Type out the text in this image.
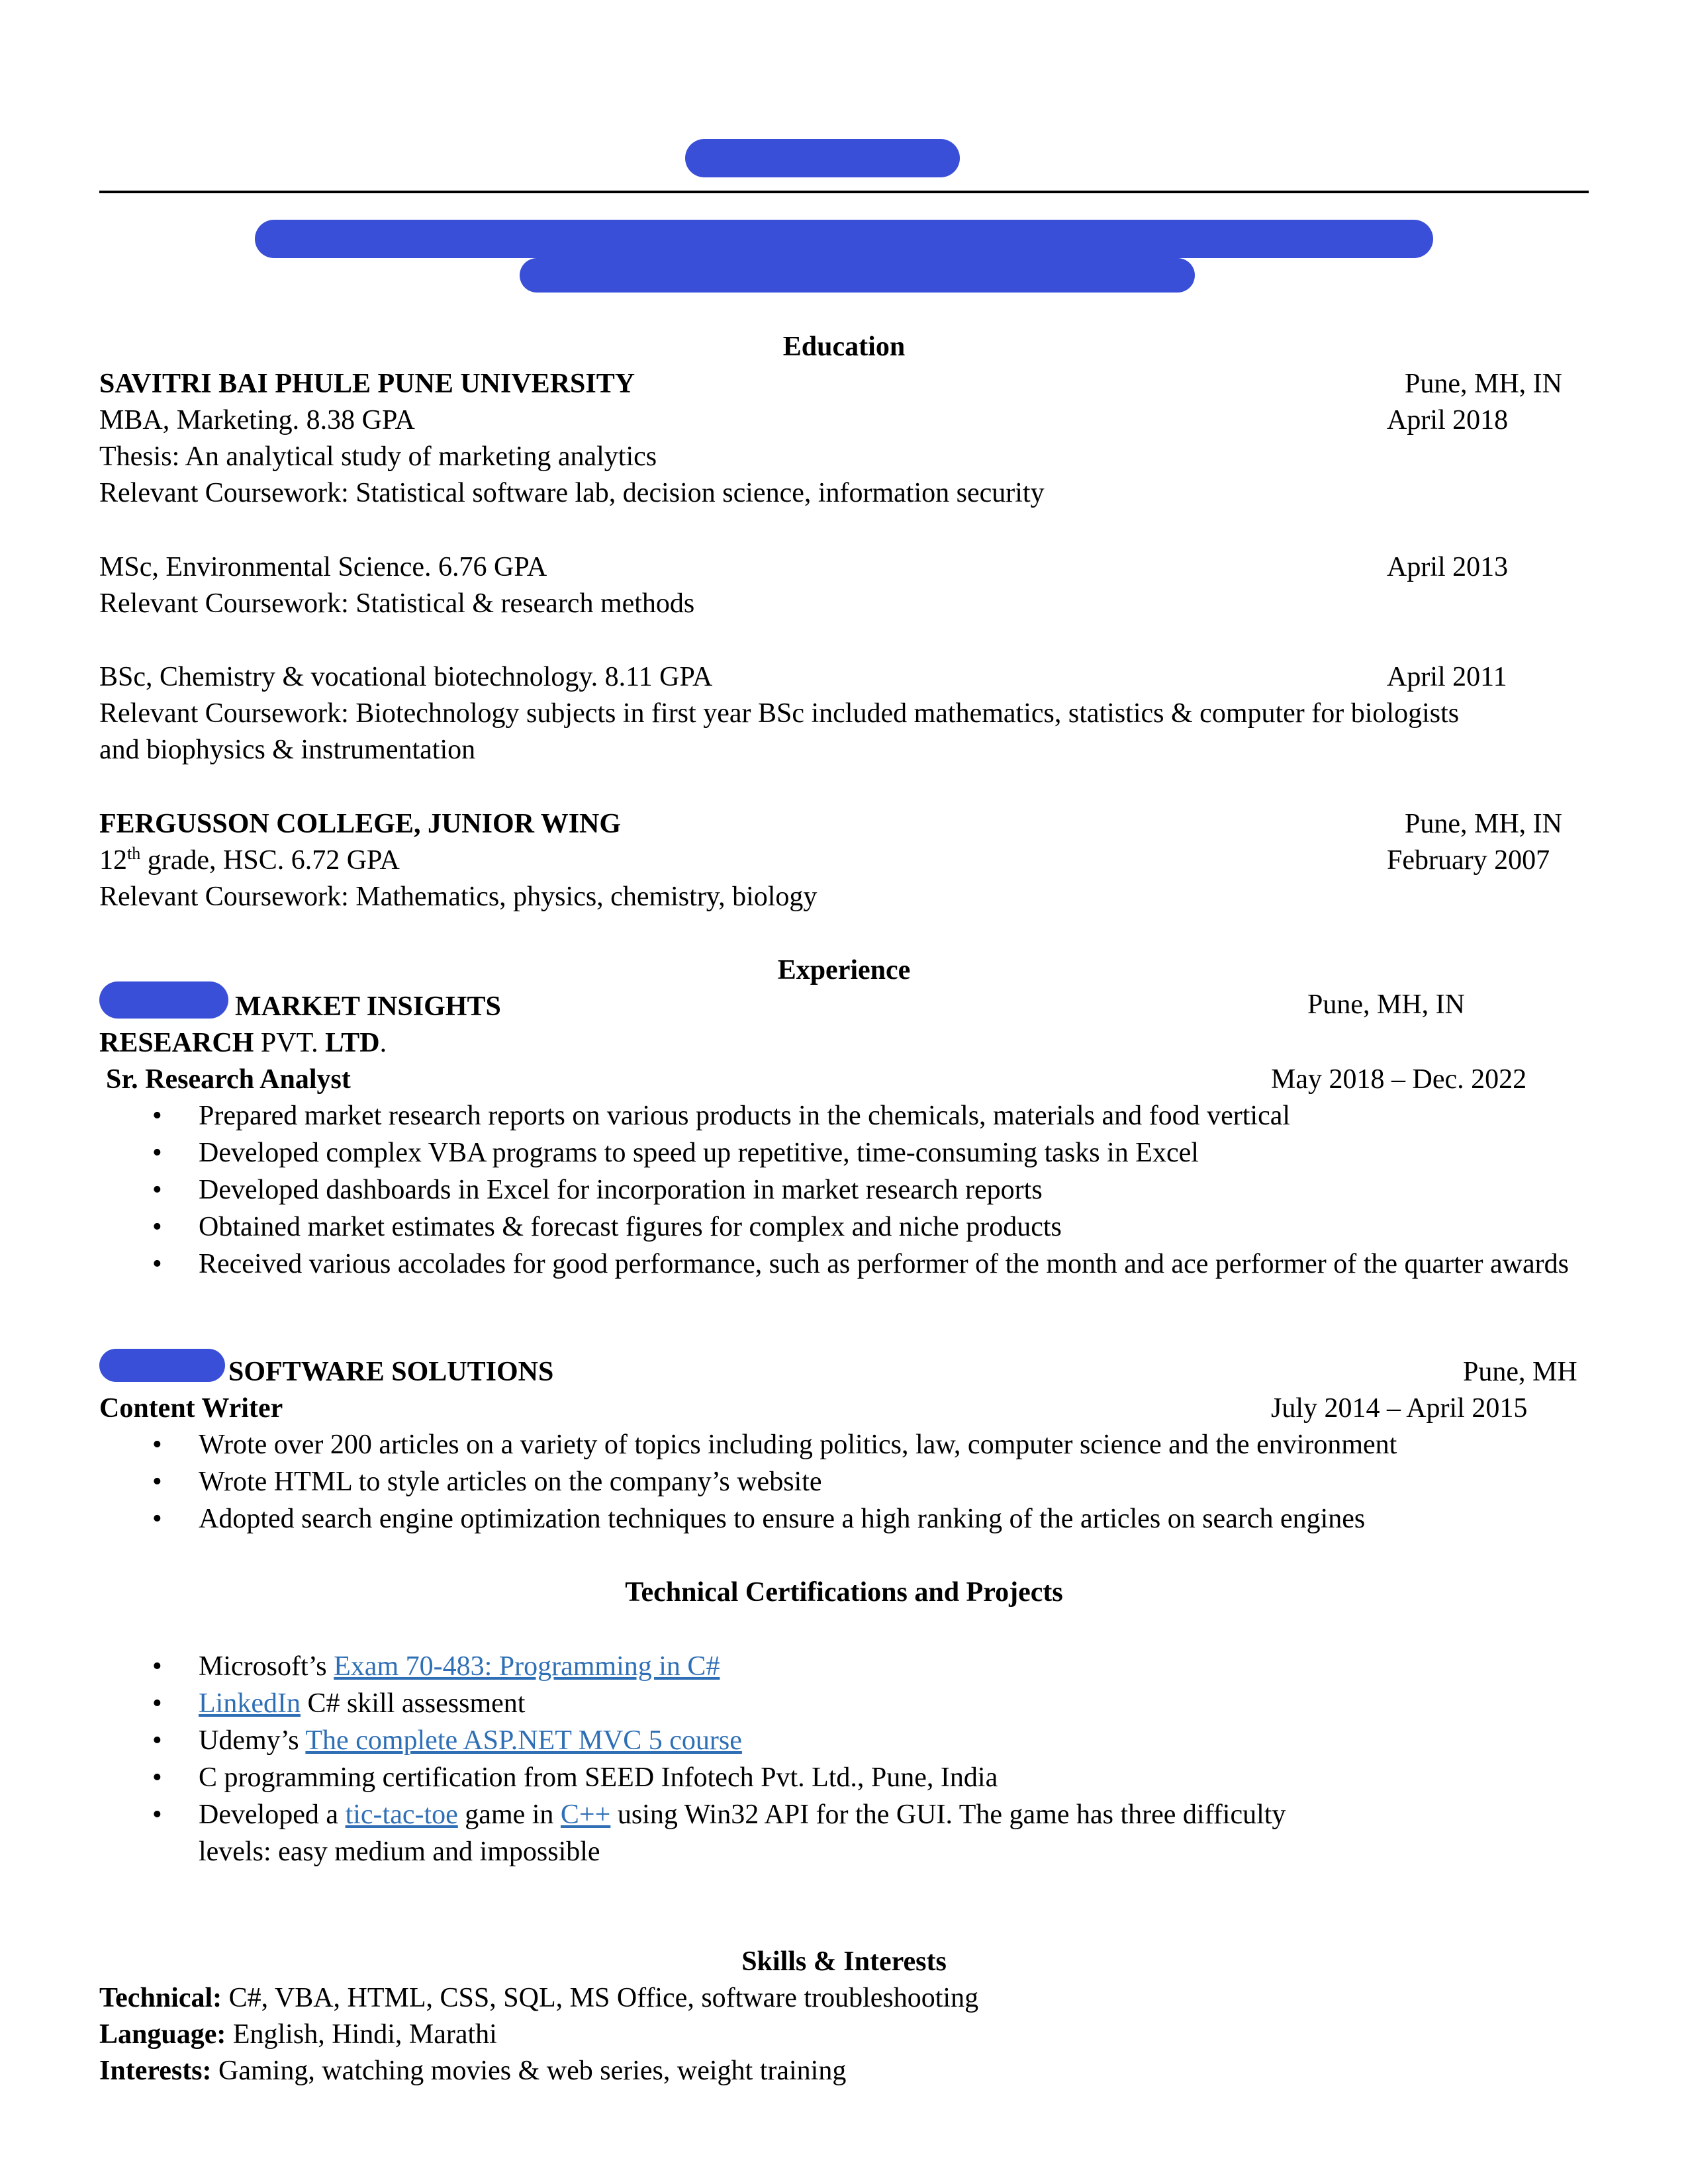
Education
SAVITRI BAI PHULE PUNE UNIVERSITY	Pune, MH, IN
MBA, Marketing. 8.38 GPA	April 2018
Thesis: An analytical study of marketing analytics
Relevant Coursework: Statistical software lab, decision science, information security
MSc, Environmental Science. 6.76 GPA	April 2013
Relevant Coursework: Statistical & research methods
BSc, Chemistry & vocational biotechnology. 8.11 GPA	April 2011
Relevant Coursework: Biotechnology subjects in first year BSc included mathematics, statistics & computer for biologists
and biophysics & instrumentation
FERGUSSON COLLEGE, JUNIOR WING	Pune, MH, IN
12th grade, HSC. 6.72 GPA	February 2007
Relevant Coursework: Mathematics, physics, chemistry, biology
Experience
MARKET INSIGHTS	Pune, MH, IN
RESEARCH PVT. LTD.
Sr. Research Analyst	May 2018 – Dec. 2022
• Prepared market research reports on various products in the chemicals, materials and food vertical
• Developed complex VBA programs to speed up repetitive, time-consuming tasks in Excel
• Developed dashboards in Excel for incorporation in market research reports
• Obtained market estimates & forecast figures for complex and niche products
• Received various accolades for good performance, such as performer of the month and ace performer of the quarter awards
SOFTWARE SOLUTIONS	Pune, MH
Content Writer	July 2014 – April 2015
• Wrote over 200 articles on a variety of topics including politics, law, computer science and the environment
• Wrote HTML to style articles on the company’s website
• Adopted search engine optimization techniques to ensure a high ranking of the articles on search engines
Technical Certifications and Projects
• Microsoft’s Exam 70-483: Programming in C#
• LinkedIn C# skill assessment
• Udemy’s The complete ASP.NET MVC 5 course
• C programming certification from SEED Infotech Pvt. Ltd., Pune, India
• Developed a tic-tac-toe game in C++ using Win32 API for the GUI. The game has three difficulty
levels: easy medium and impossible
Skills & Interests
Technical: C#, VBA, HTML, CSS, SQL, MS Office, software troubleshooting
Language: English, Hindi, Marathi
Interests: Gaming, watching movies & web series, weight training
